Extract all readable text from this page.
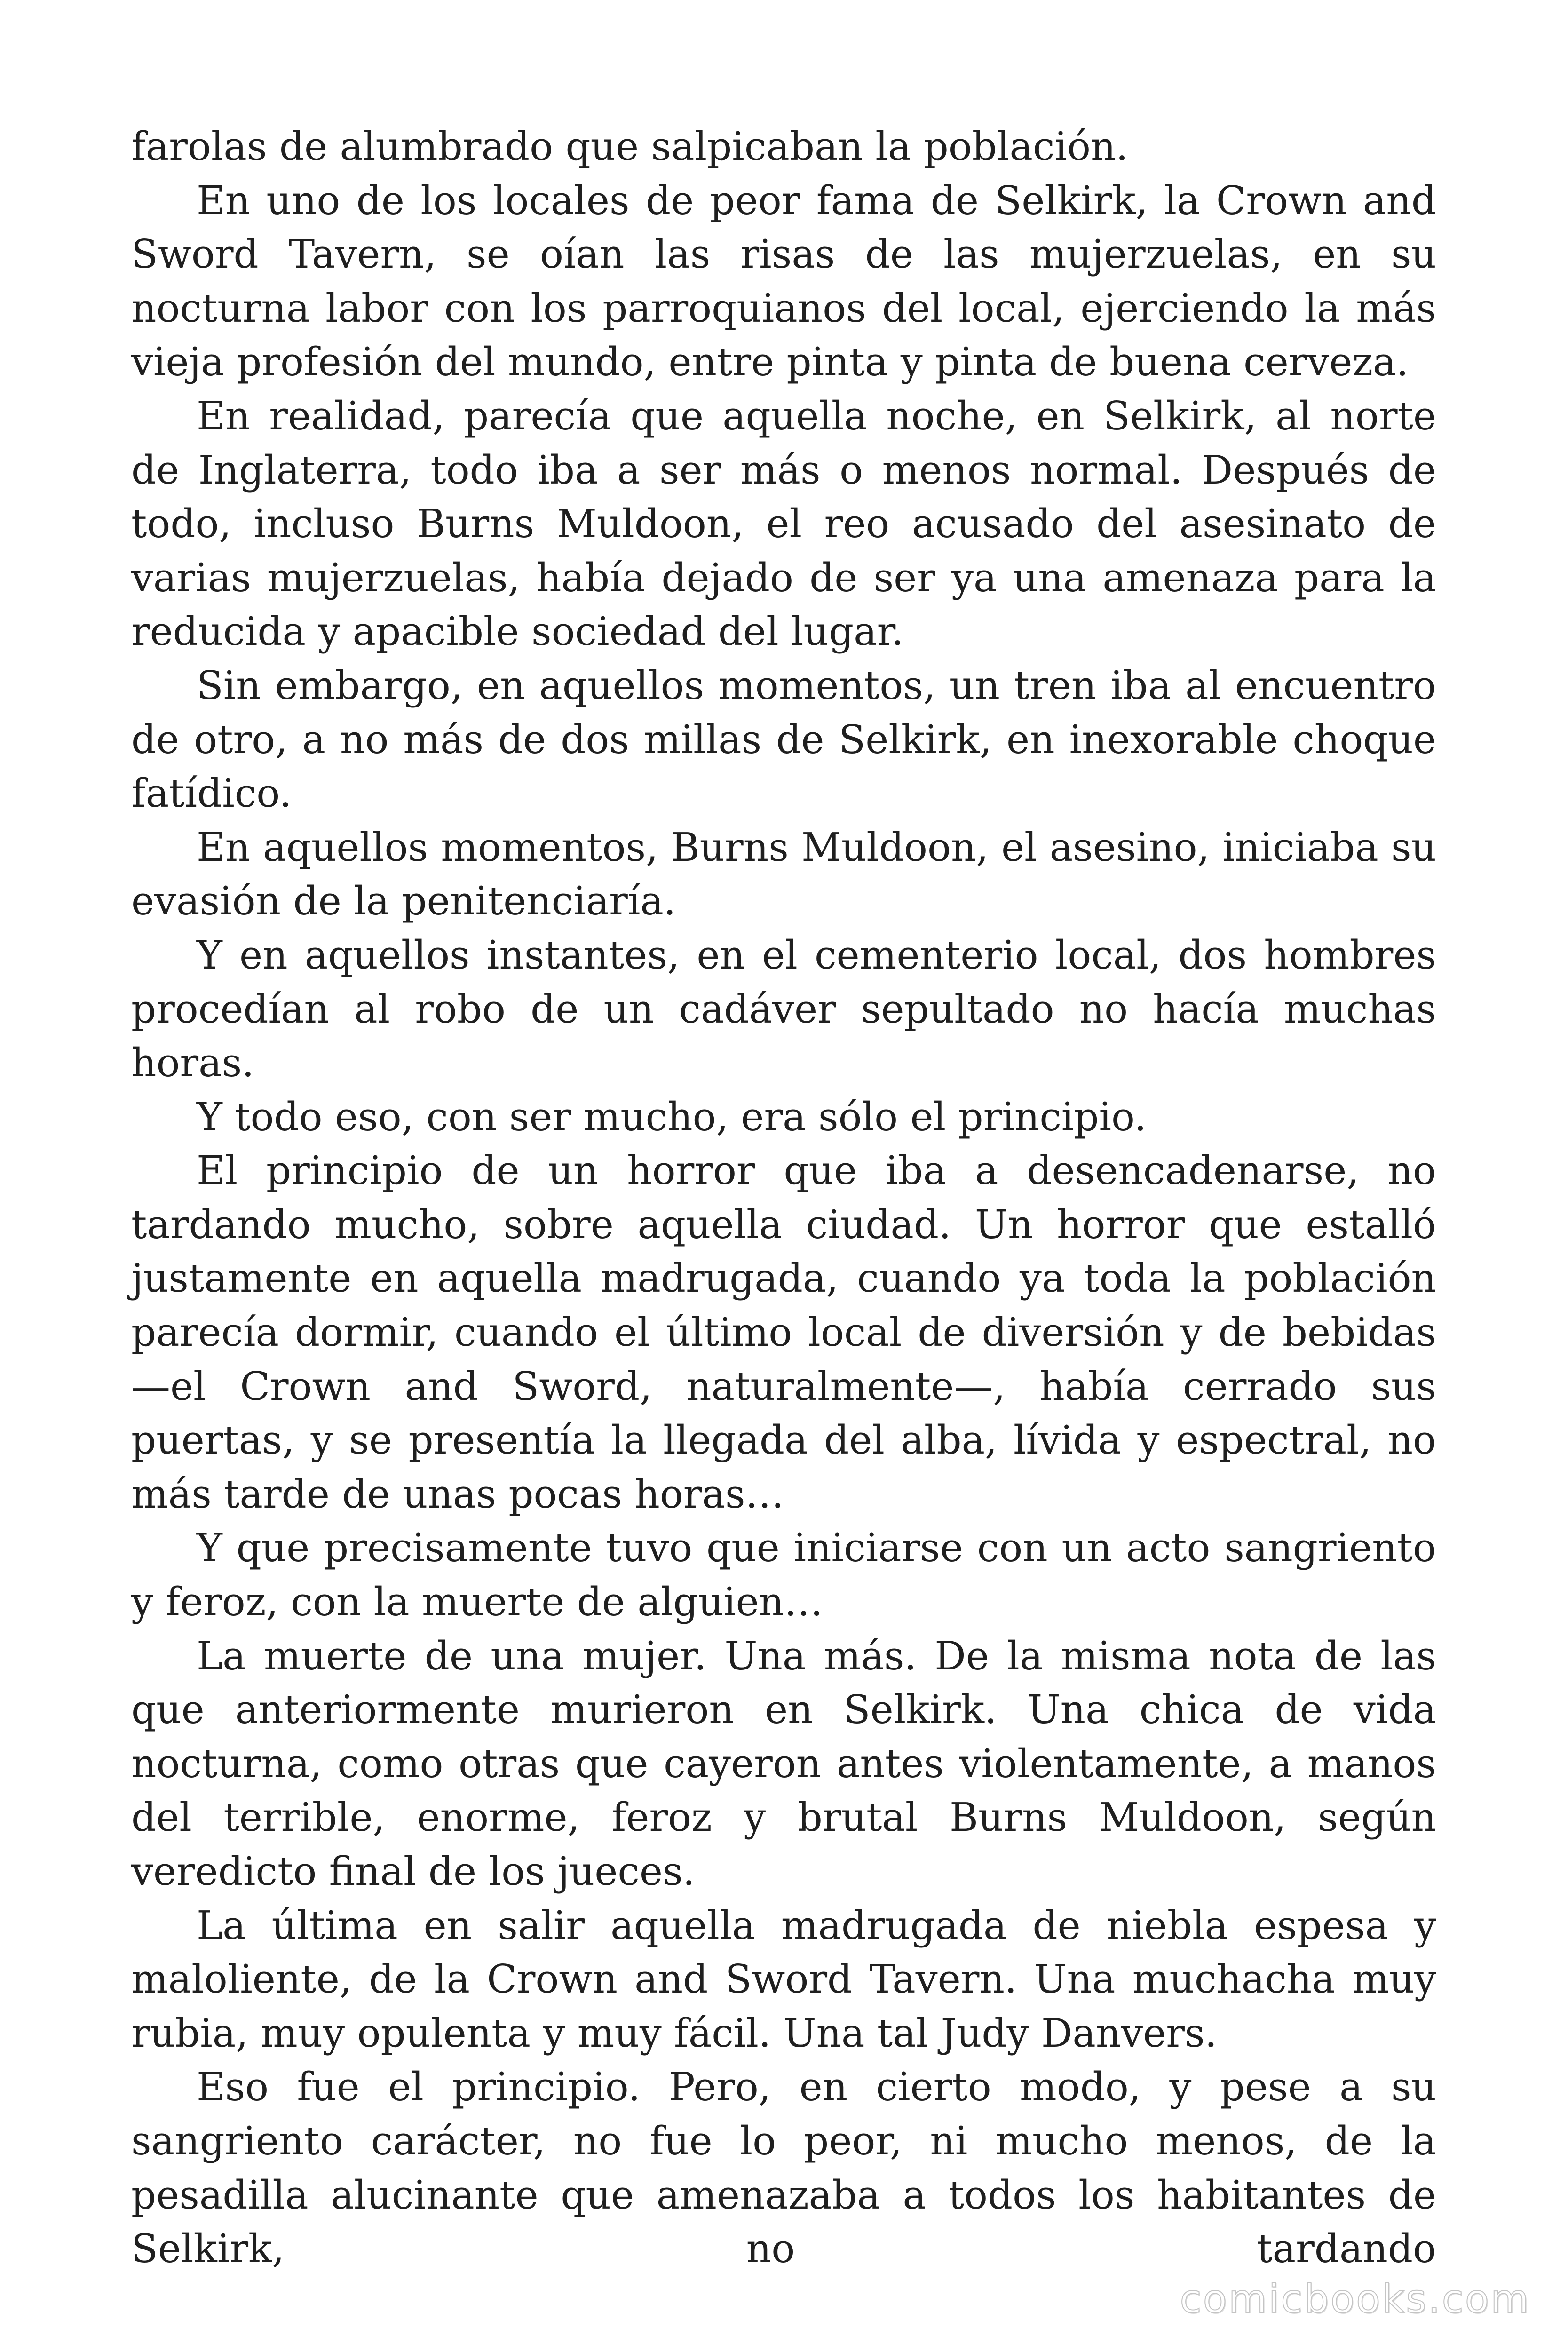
farolas de alumbrado que salpicaban la población.

En uno de los locales de peor fama de Selkirk, la Crown and Sword Tavern, se oían las risas de las mujerzuelas, en su nocturna labor con los parroquianos del local, ejerciendo la más vieja profesión del mundo, entre pinta y pinta de buena cerveza.

En realidad, parecía que aquella noche, en Selkirk, al norte de Inglaterra, todo iba a ser más o menos normal. Después de todo, incluso Burns Muldoon, el reo acusado del asesinato de varias mujerzuelas, había dejado de ser ya una amenaza para la reducida y apacible sociedad del lugar.

Sin embargo, en aquellos momentos, un tren iba al encuentro de otro, a no más de dos millas de Selkirk, en inexorable choque fatídico.

En aquellos momentos, Burns Muldoon, el asesino, iniciaba su evasión de la penitenciaría.

Y en aquellos instantes, en el cementerio local, dos hombres procedían al robo de un cadáver sepultado no hacía muchas horas.

Y todo eso, con ser mucho, era sólo el principio.

El principio de un horror que iba a desencadenarse, no tardando mucho, sobre aquella ciudad. Un horror que estalló justamente en aquella madrugada, cuando ya toda la población parecía dormir, cuando el último local de diversión y de bebidas —el Crown and Sword, naturalmente—, había cerrado sus puertas, y se presentía la llegada del alba, lívida y espectral, no más tarde de unas pocas horas…

Y que precisamente tuvo que iniciarse con un acto sangriento y feroz, con la muerte de alguien…

La muerte de una mujer. Una más. De la misma nota de las que anteriormente murieron en Selkirk. Una chica de vida nocturna, como otras que cayeron antes violentamente, a manos del terrible, enorme, feroz y brutal Burns Muldoon, según veredicto final de los jueces.

La última en salir aquella madrugada de niebla espesa y maloliente, de la Crown and Sword Tavern. Una muchacha muy rubia, muy opulenta y muy fácil. Una tal Judy Danvers.

Eso fue el principio. Pero, en cierto modo, y pese a su sangriento carácter, no fue lo peor, ni mucho menos, de la pesadilla alucinante que amenazaba a todos los habitantes de Selkirk, no tardando

comicbooks.com
